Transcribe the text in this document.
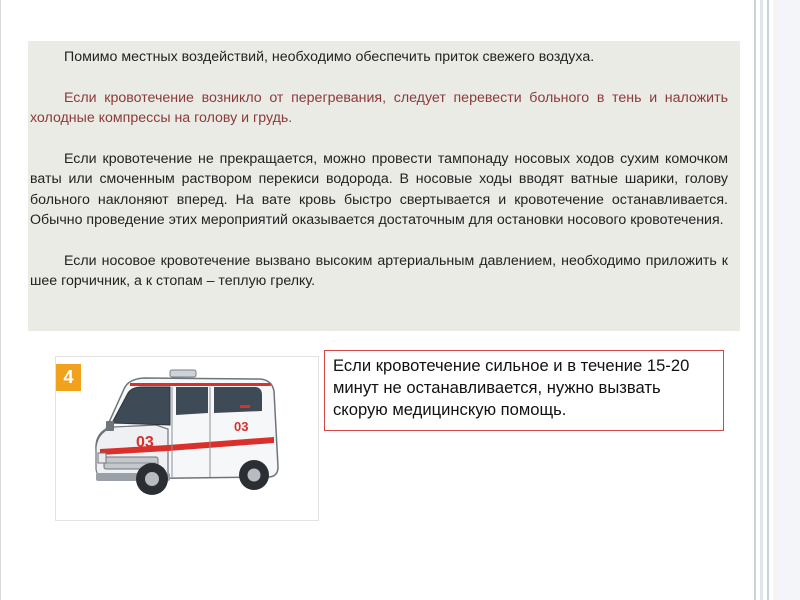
Помимо местных воздействий, необходимо обеспечить приток свежего воздуха.

Если кровотечение возникло от перегревания, следует перевести больного в тень и наложить холодные компрессы на голову и грудь.

Если кровотечение не прекращается, можно провести тампонаду носовых ходов сухим комочком ваты или смоченным раствором перекиси водорода. В носовые ходы вводят ватные шарики, голову больного наклоняют вперед. На вате кровь быстро свертывается и кровотечение останавливается. Обычно проведение этих мероприятий оказывается достаточным для остановки носового кровотечения.

Если носовое кровотечение вызвано высоким артериальным давлением, необходимо приложить к шее горчичник, а к стопам – теплую грелку.

4
03
03
Если кровотечение сильное и в течение 15-20 минут не останавливается, нужно вызвать скорую медицинскую помощь.
